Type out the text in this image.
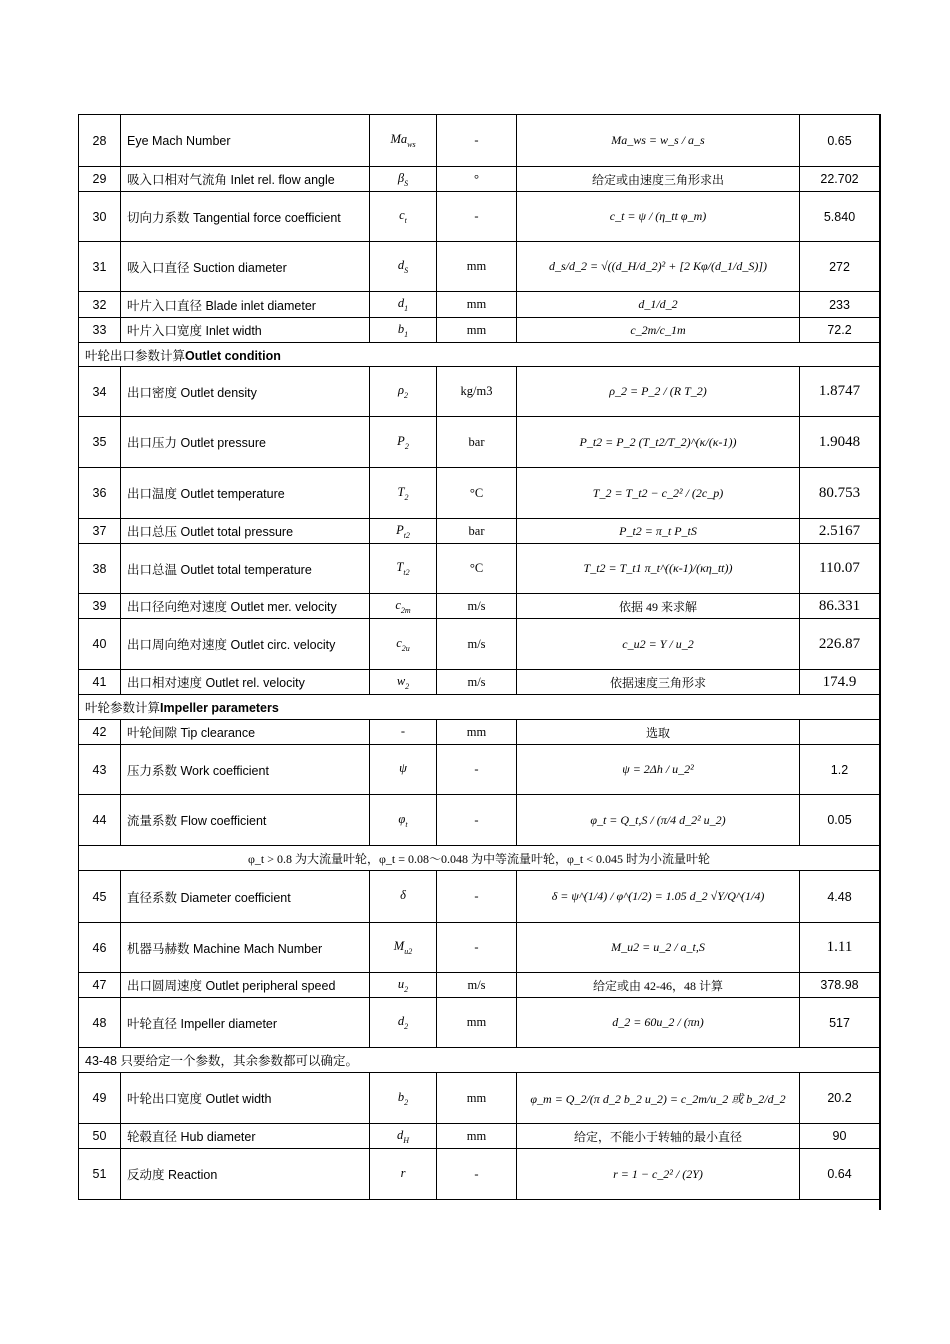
28	Eye Mach Number	$Ma_{ws}$	-	Ma_ws = w_s / a_s	0.65
29	吸入口相对气流角 Inlet rel. flow angle	$\beta_S$	°	给定或由速度三角形求出	22.702
30	切向力系数 Tangential force coefficient	$c_t$	-	c_t = ψ / (η_tt φ_m)	5.840
31	吸入口直径 Suction diameter	$d_S$	mm	d_s/d_2 = √((d_H/d_2)² + [2 Kφ/(d_1/d_S)])	272
32	叶片入口直径 Blade inlet diameter	$d_1$	mm	d_1/d_2	233
33	叶片入口宽度 Inlet width	$b_1$	mm	c_2m/c_1m	72.2
叶轮出口参数计算Outlet condition					
34	出口密度 Outlet density	$\rho_2$	kg/m3	ρ_2 = P_2 / (R T_2)	1.8747
35	出口压力 Outlet pressure	$P_2$	bar	P_t2 = P_2 (T_t2/T_2)^(κ/(κ-1))	1.9048
36	出口温度 Outlet temperature	$T_2$	°C	T_2 = T_t2 − c_2² / (2c_p)	80.753
37	出口总压 Outlet total pressure	$P_{t2}$	bar	P_t2 = π_t P_tS	2.5167
38	出口总温 Outlet total temperature	$T_{t2}$	°C	T_t2 = T_t1 π_t^((κ-1)/(κη_tt))	110.07
39	出口径向绝对速度 Outlet mer. velocity	$c_{2m}$	m/s	依据 49 来求解	86.331
40	出口周向绝对速度 Outlet circ. velocity	$c_{2u}$	m/s	c_u2 = Y / u_2	226.87
41	出口相对速度 Outlet rel. velocity	$w_2$	m/s	依据速度三角形求	174.9
叶轮参数计算Impeller parameters					
42	叶轮间隙 Tip clearance	-	mm	选取	
43	压力系数 Work coefficient	ψ	-	ψ = 2Δh / u_2²	1.2
44	流量系数 Flow coefficient	$\varphi_t$	-	φ_t = Q_t,S / (π/4 d_2² u_2)	0.05
φ_t > 0.8 为大流量叶轮，φ_t = 0.08～0.048 为中等流量叶轮，φ_t < 0.045 时为小流量叶轮					
45	直径系数 Diameter coefficient	δ	-	δ = ψ^(1/4) / φ^(1/2) = 1.05 d_2 √Y/Q^(1/4)	4.48
46	机器马赫数 Machine Mach Number	$M_{u2}$	-	M_u2 = u_2 / a_t,S	1.11
47	出口圆周速度 Outlet peripheral speed	$u_2$	m/s	给定或由 42-46，48 计算	378.98
48	叶轮直径 Impeller diameter	$d_2$	mm	d_2 = 60u_2 / (πn)	517
43-48 只要给定一个参数，其余参数都可以确定。					
49	叶轮出口宽度 Outlet width	$b_2$	mm	φ_m = Q_2/(π d_2 b_2 u_2) = c_2m/u_2 或 b_2/d_2	20.2
50	轮毂直径 Hub diameter	$d_H$	mm	给定，不能小于转轴的最小直径	90
51	反动度 Reaction	r	-	r = 1 − c_2² / (2Y)	0.64
